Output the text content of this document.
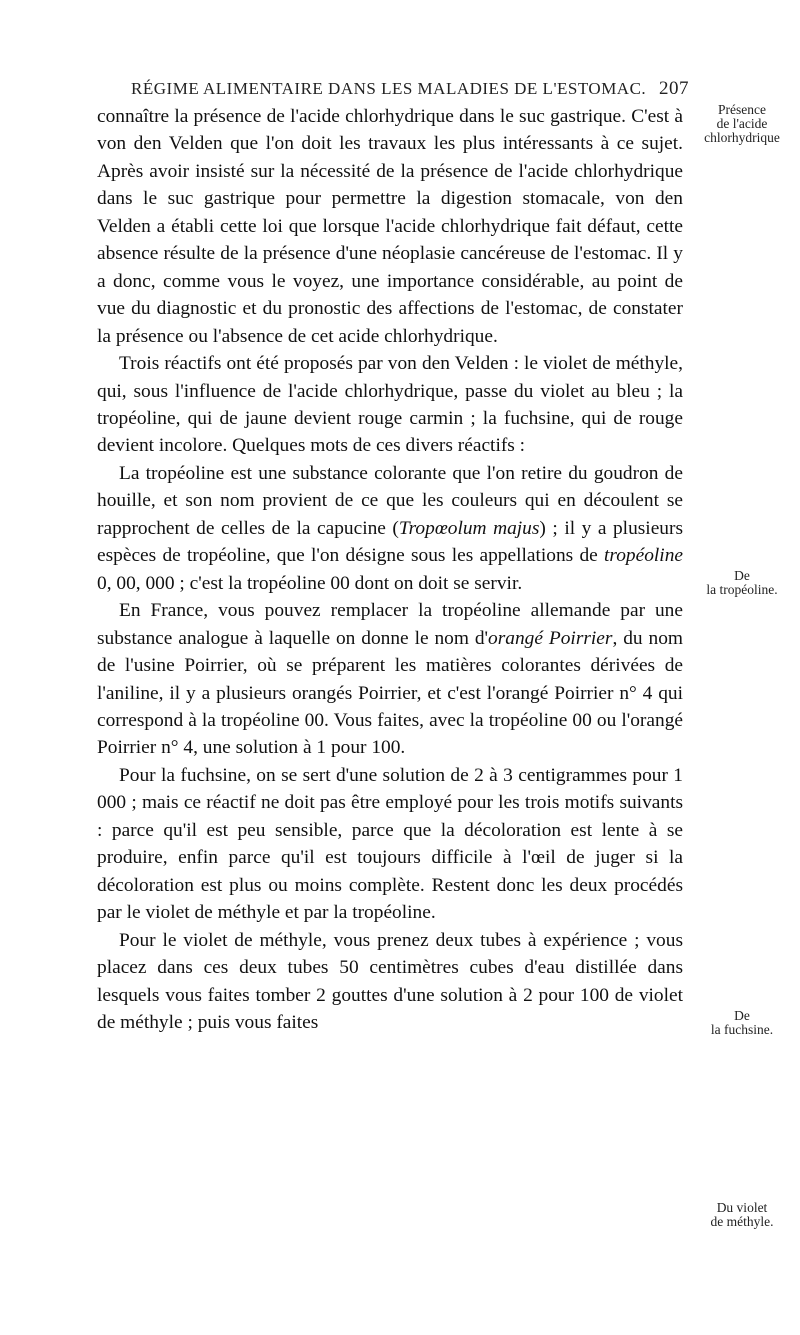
RÉGIME ALIMENTAIRE DANS LES MALADIES DE L'ESTOMAC. 207

connaître la présence de l'acide chlorhydrique dans le suc gastrique. C'est à von den Velden que l'on doit les travaux les plus intéressants à ce sujet. Après avoir insisté sur la nécessité de la présence de l'acide chlorhydrique dans le suc gastrique pour permettre la digestion stomacale, von den Velden a établi cette loi que lorsque l'acide chlorhydrique fait défaut, cette absence résulte de la présence d'une néoplasie cancéreuse de l'estomac. Il y a donc, comme vous le voyez, une importance considérable, au point de vue du diagnostic et du pronostic des affections de l'estomac, de constater la présence ou l'absence de cet acide chlorhydrique.

Trois réactifs ont été proposés par von den Velden : le violet de méthyle, qui, sous l'influence de l'acide chlorhydrique, passe du violet au bleu ; la tropéoline, qui de jaune devient rouge carmin ; la fuchsine, qui de rouge devient incolore. Quelques mots de ces divers réactifs :

La tropéoline est une substance colorante que l'on retire du goudron de houille, et son nom provient de ce que les couleurs qui en découlent se rapprochent de celles de la capucine (Tropœolum majus) ; il y a plusieurs espèces de tropéoline, que l'on désigne sous les appellations de tropéoline 0, 00, 000 ; c'est la tropéoline 00 dont on doit se servir.

En France, vous pouvez remplacer la tropéoline allemande par une substance analogue à laquelle on donne le nom d'orangé Poirrier, du nom de l'usine Poirrier, où se préparent les matières colorantes dérivées de l'aniline, il y a plusieurs orangés Poirrier, et c'est l'orangé Poirrier n° 4 qui correspond à la tropéoline 00. Vous faites, avec la tropéoline 00 ou l'orangé Poirrier n° 4, une solution à 1 pour 100.

Pour la fuchsine, on se sert d'une solution de 2 à 3 centigrammes pour 1 000 ; mais ce réactif ne doit pas être employé pour les trois motifs suivants : parce qu'il est peu sensible, parce que la décoloration est lente à se produire, enfin parce qu'il est toujours difficile à l'œil de juger si la décoloration est plus ou moins complète. Restent donc les deux procédés par le violet de méthyle et par la tropéoline.

Pour le violet de méthyle, vous prenez deux tubes à expérience ; vous placez dans ces deux tubes 50 centimètres cubes d'eau distillée dans lesquels vous faites tomber 2 gouttes d'une solution à 2 pour 100 de violet de méthyle ; puis vous faites

Présence
de l'acide
chlorhydrique
De
la tropéoline.
De
la fuchsine.
Du violet
de méthyle.
